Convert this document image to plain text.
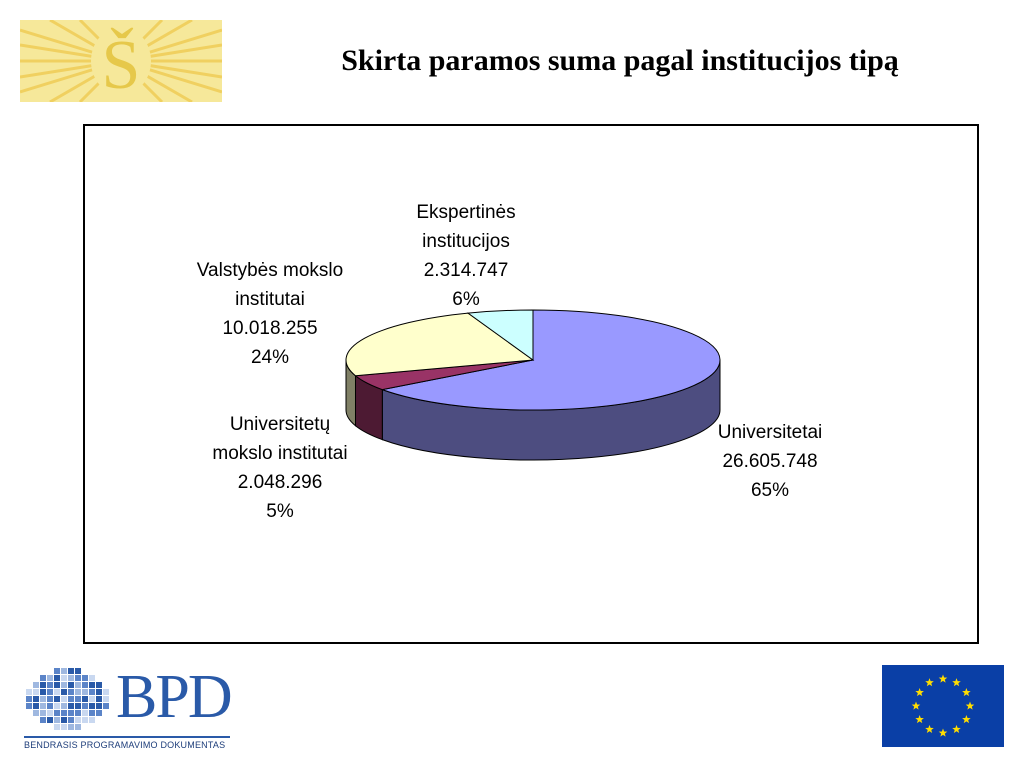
Š	Skirta paramos suma pagal institucijos tipą
Ekspertinės
institucijos
2.314.747
6%
Valstybės mokslo
institutai
10.018.255
24%
Universitetų
mokslo institutai
2.048.296
5%
Universitetai
26.605.748
65%
BPD
BENDRASIS PROGRAMAVIMO DOKUMENTAS
